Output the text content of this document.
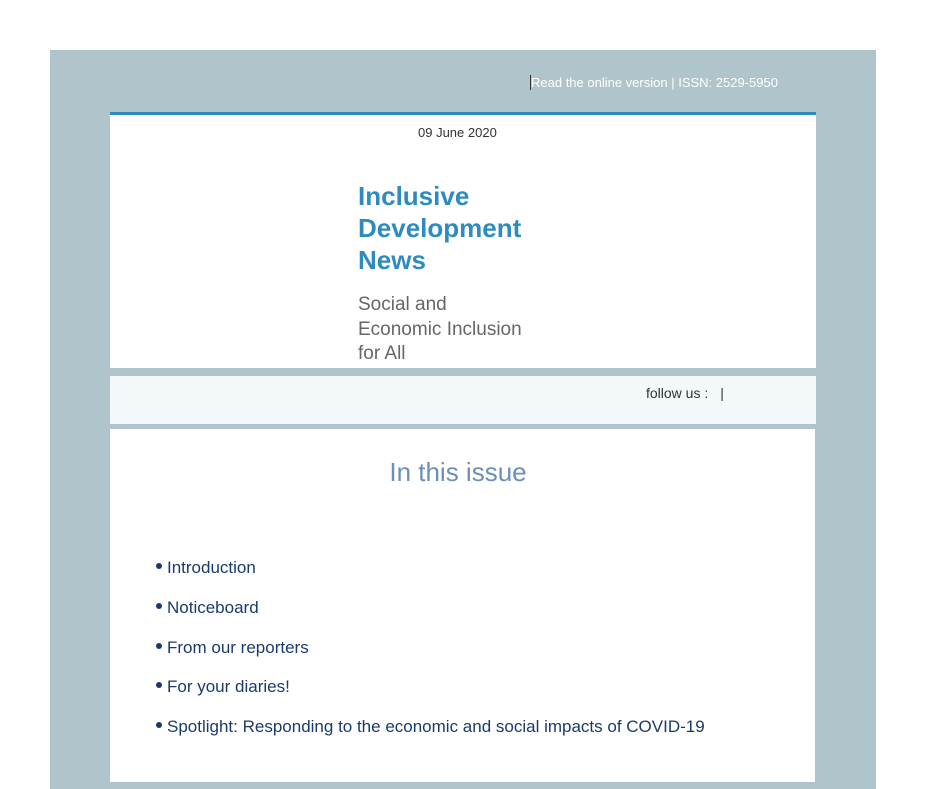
Read the online version | ISSN: 2529-5950
09 June 2020
Inclusive Development News

Social and Economic Inclusion for All

follow us : |
In this issue
Introduction
Noticeboard
From our reporters
For your diaries!
Spotlight: Responding to the economic and social impacts of COVID-19
